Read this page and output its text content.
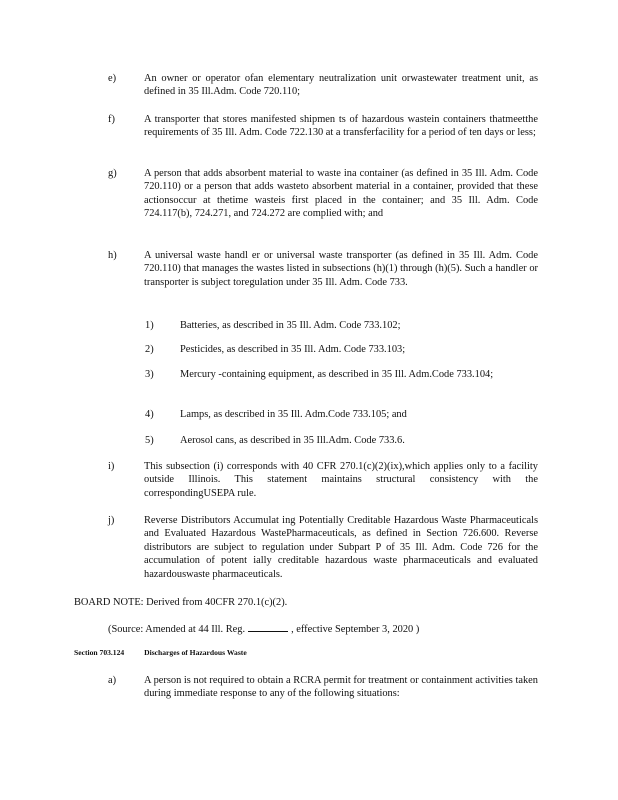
e)	An owner or operator ofan elementary neutralization unit orwastewater treatment unit, as defined in 35 Ill.Adm. Code 720.110;
f)	A transporter that stores manifested shipmen ts of hazardous wastein containers thatmeetthe requirements of 35 Ill. Adm. Code 722.130 at a transferfacility for a period of ten days or less;
g)	A person that adds absorbent material to waste ina container (as defined in 35 Ill. Adm. Code 720.110) or a person that adds wasteto absorbent material in a container, provided that these actionsoccur at thetime wasteis first placed in the container; and 35 Ill. Adm. Code 724.117(b), 724.271, and 724.272 are complied with; and
h)	A universal waste handl er or universal waste transporter (as defined in 35 Ill. Adm. Code 720.110) that manages the wastes listed in subsections (h)(1) through (h)(5). Such a handler or transporter is subject toregulation under 35 Ill. Adm. Code 733.
1)	Batteries, as described in 35 Ill. Adm. Code 733.102;
2)	Pesticides, as described in 35 Ill. Adm. Code 733.103;
3)	Mercury -containing equipment, as described in 35 Ill. Adm.Code 733.104;
4)	Lamps, as described in 35 Ill. Adm.Code 733.105; and
5)	Aerosol cans, as described in 35 Ill.Adm. Code 733.6.
i)	This subsection (i) corresponds with 40 CFR 270.1(c)(2)(ix),which applies only to a facility outside Illinois. This statement maintains structural consistency with the correspondingUSEPA rule.
j)	Reverse Distributors Accumulat ing Potentially Creditable Hazardous Waste Pharmaceuticals and Evaluated Hazardous WastePharmaceuticals, as defined in Section 726.600. Reverse distributors are subject to regulation under Subpart P of 35 Ill. Adm. Code 726 for the accumulation of potent ially creditable hazardous waste pharmaceuticals and evaluated hazardouswaste pharmaceuticals.
BOARD NOTE: Derived from 40CFR 270.1(c)(2).
(Source: Amended at 44 Ill. Reg.	, effective September 3, 2020 )
Section 703.124	Discharges of Hazardous Waste
a)	A person is not required to obtain a RCRA permit for treatment or containment activities taken during immediate response to any of the following situations:
